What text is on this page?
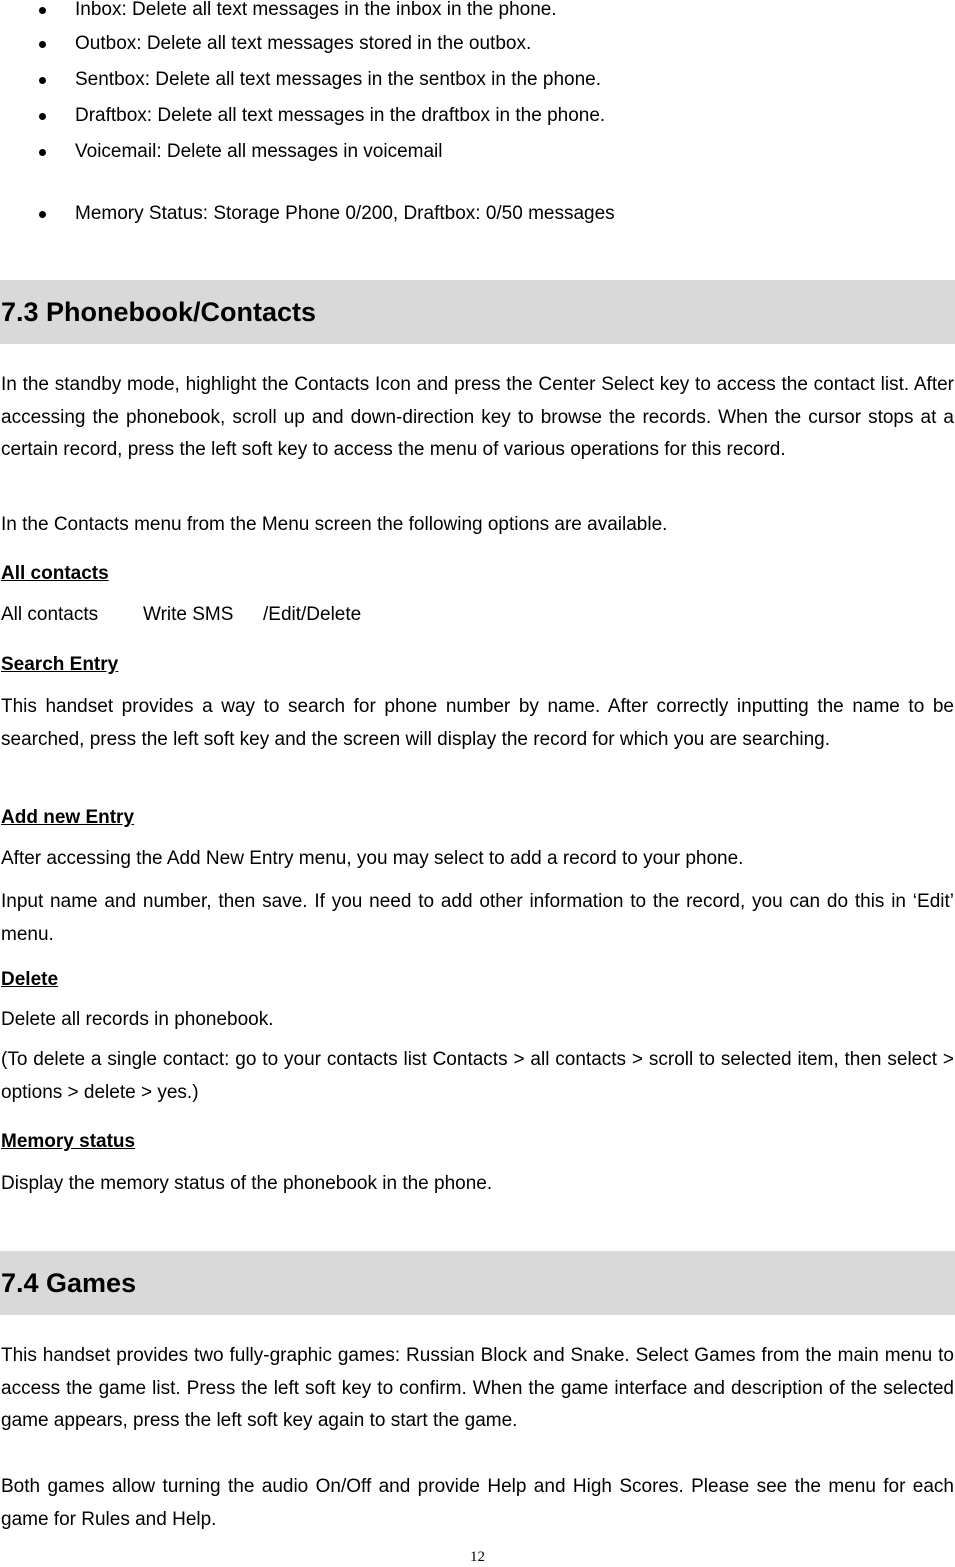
Inbox: Delete all text messages in the inbox in the phone.
Outbox: Delete all text messages stored in the outbox.
Sentbox: Delete all text messages in the sentbox in the phone.
Draftbox: Delete all text messages in the draftbox in the phone.
Voicemail: Delete all messages in voicemail
Memory Status: Storage Phone 0/200, Draftbox: 0/50 messages
7.3 Phonebook/Contacts

In the standby mode, highlight the Contacts Icon and press the Center Select key to access the contact list. After accessing the phonebook, scroll up and down-direction key to browse the records. When the cursor stops at a certain record, press the left soft key to access the menu of various operations for this record.

In the Contacts menu from the Menu screen the following options are available.

All contacts
All contacts Write SMS /Edit/Delete
Search Entry

This handset provides a way to search for phone number by name. After correctly inputting the name to be searched, press the left soft key and the screen will display the record for which you are searching.

Add new Entry

After accessing the Add New Entry menu, you may select to add a record to your phone.

Input name and number, then save. If you need to add other information to the record, you can do this in ‘Edit’ menu.

Delete

Delete all records in phonebook.

(To delete a single contact: go to your contacts list Contacts > all contacts > scroll to selected item, then select > options > delete > yes.)

Memory status

Display the memory status of the phonebook in the phone.

7.4 Games

This handset provides two fully-graphic games: Russian Block and Snake. Select Games from the main menu to access the game list. Press the left soft key to confirm. When the game interface and description of the selected game appears, press the left soft key again to start the game.

Both games allow turning the audio On/Off and provide Help and High Scores. Please see the menu for each game for Rules and Help.

12
